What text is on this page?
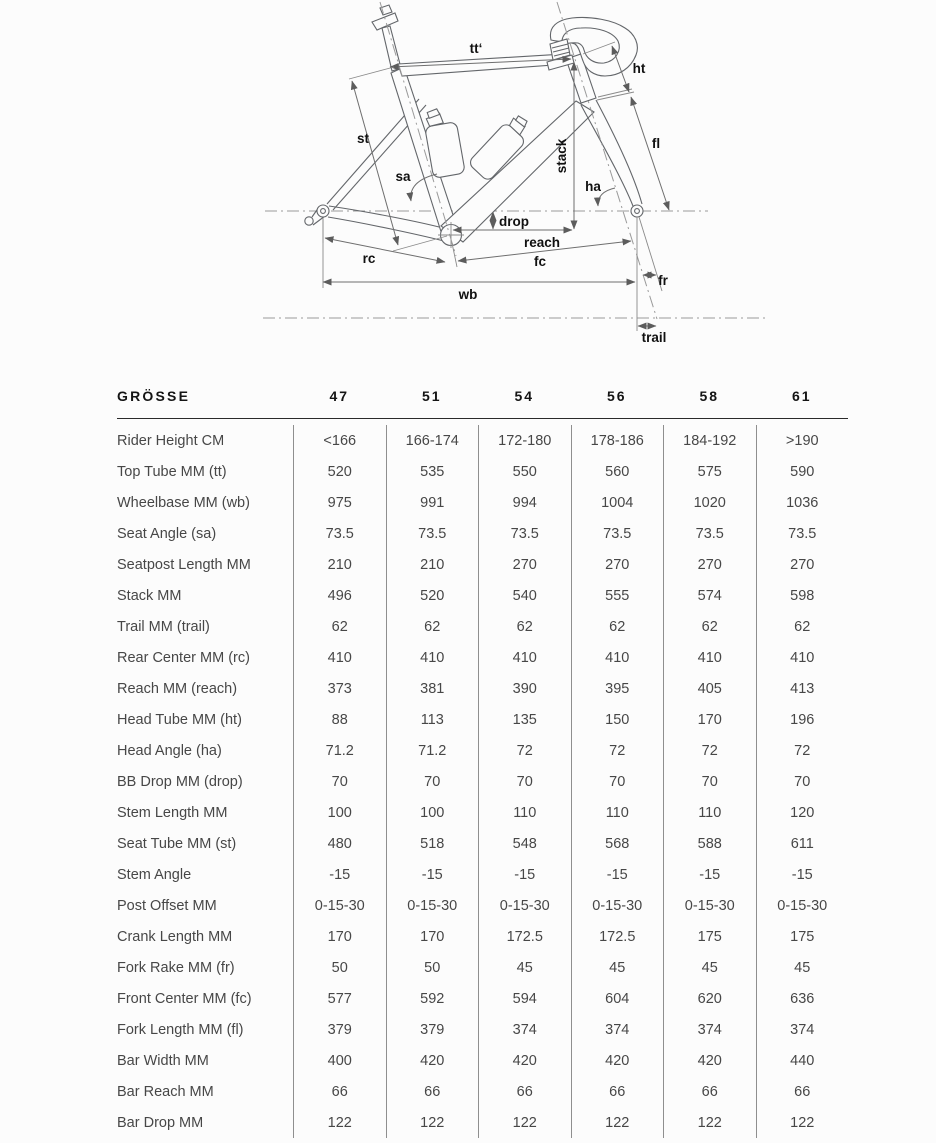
tt‘
ht
st
stack	fl
sa
ha
drop
reach
rc	fc
wb
fr
trail
GRÖSSE	47	51	54	56	58	61
Rider Height CM	<166	166-174	172-180	178-186	184-192	>190
Top Tube MM (tt)	520	535	550	560	575	590
Wheelbase MM (wb)	975	991	994	1004	1020	1036
Seat Angle (sa)	73.5	73.5	73.5	73.5	73.5	73.5
Seatpost Length MM	210	210	270	270	270	270
Stack MM	496	520	540	555	574	598
Trail MM (trail)	62	62	62	62	62	62
Rear Center MM (rc)	410	410	410	410	410	410
Reach MM (reach)	373	381	390	395	405	413
Head Tube MM (ht)	88	113	135	150	170	196
Head Angle (ha)	71.2	71.2	72	72	72	72
BB Drop MM (drop)	70	70	70	70	70	70
Stem Length MM	100	100	110	110	110	120
Seat Tube MM (st)	480	518	548	568	588	611
Stem Angle	-15	-15	-15	-15	-15	-15
Post Offset MM	0-15-30	0-15-30	0-15-30	0-15-30	0-15-30	0-15-30
Crank Length MM	170	170	172.5	172.5	175	175
Fork Rake MM (fr)	50	50	45	45	45	45
Front Center MM (fc)	577	592	594	604	620	636
Fork Length MM (fl)	379	379	374	374	374	374
Bar Width MM	400	420	420	420	420	440
Bar Reach MM	66	66	66	66	66	66
Bar Drop MM	122	122	122	122	122	122
